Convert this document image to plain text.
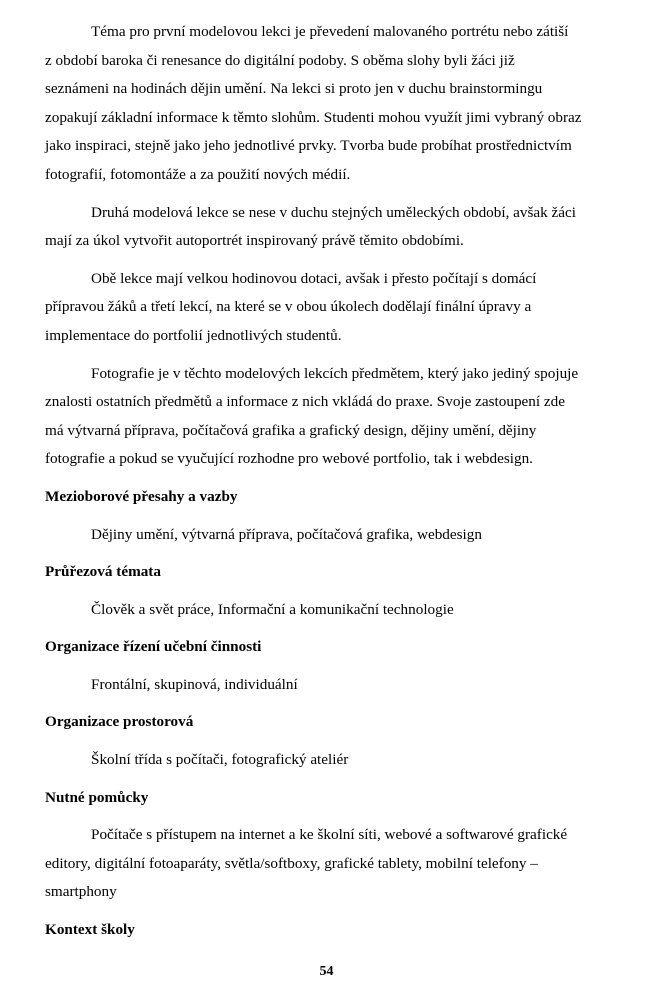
Téma pro první modelovou lekci je převedení malovaného portrétu nebo zátiší
z období baroka či renesance do digitální podoby. S oběma slohy byli žáci již
seznámeni na hodinách dějin umění. Na lekci si proto jen v duchu brainstormingu
zopakují základní informace k těmto slohům. Studenti mohou využít jimi vybraný obraz
jako inspiraci, stejně jako jeho jednotlivé prvky. Tvorba bude probíhat prostřednictvím
fotografií, fotomontáže a za použití nových médií.

Druhá modelová lekce se nese v duchu stejných uměleckých období, avšak žáci
mají za úkol vytvořit autoportrét inspirovaný právě těmito obdobími.

Obě lekce mají velkou hodinovou dotaci, avšak i přesto počítají s domácí
přípravou žáků a třetí lekcí, na které se v obou úkolech dodělají finální úpravy a
implementace do portfolií jednotlivých studentů.

Fotografie je v těchto modelových lekcích předmětem, který jako jediný spojuje
znalosti ostatních předmětů a informace z nich vkládá do praxe. Svoje zastoupení zde
má výtvarná příprava, počítačová grafika a grafický design, dějiny umění, dějiny
fotografie a pokud se vyučující rozhodne pro webové portfolio, tak i webdesign.

Mezioborové přesahy a vazby

Dějiny umění, výtvarná příprava, počítačová grafika, webdesign

Průřezová témata

Člověk a svět práce, Informační a komunikační technologie

Organizace řízení učební činnosti

Frontální, skupinová, individuální

Organizace prostorová

Školní třída s počítači, fotografický ateliér

Nutné pomůcky

Počítače s přístupem na internet a ke školní síti, webové a softwarové grafické
editory, digitální fotoaparáty, světla/softboxy, grafické tablety, mobilní telefony –
smartphony

Kontext školy
54
